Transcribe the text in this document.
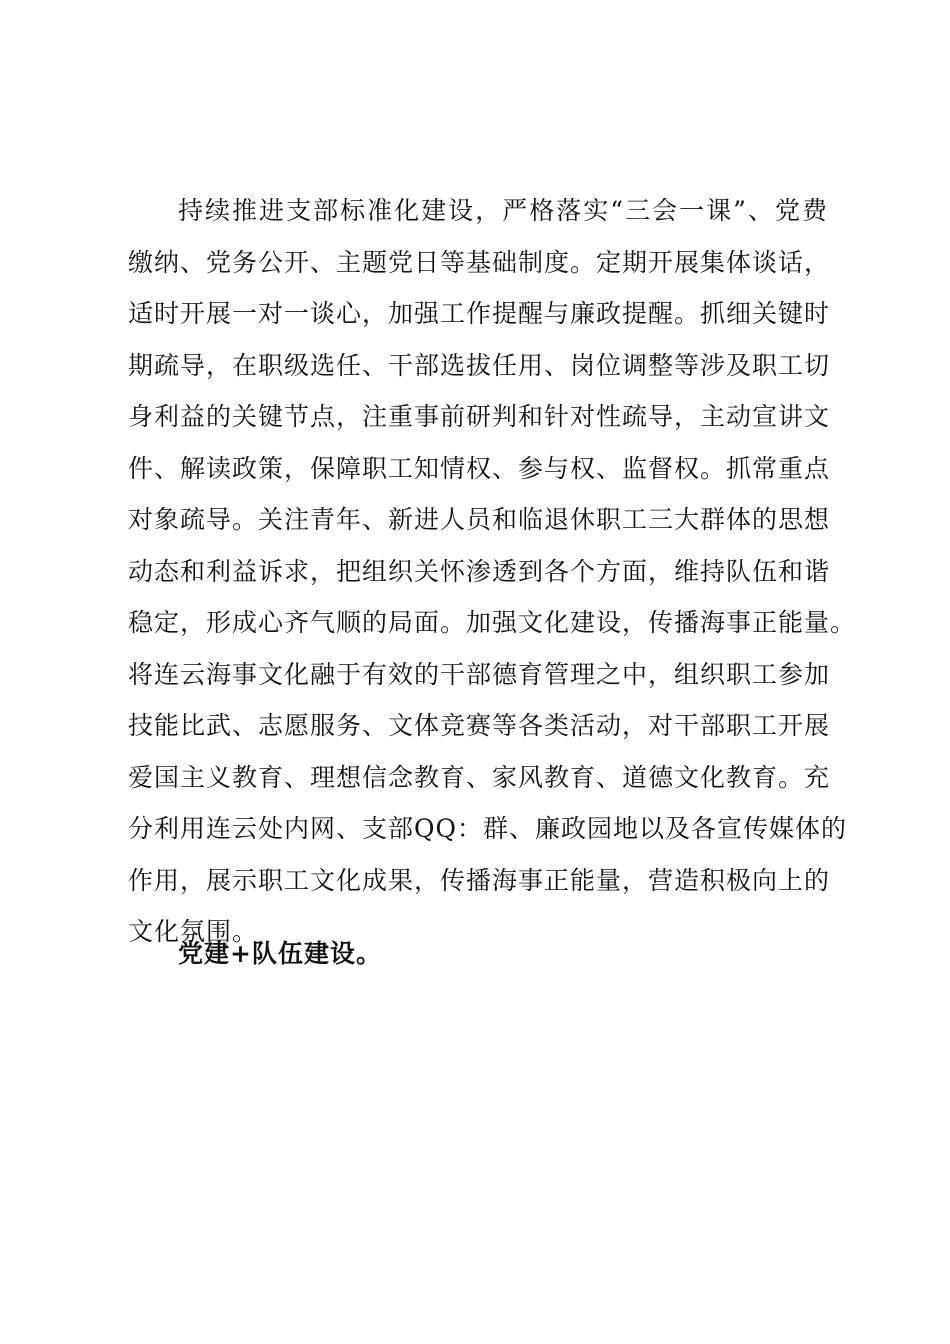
持续推进支部标准化建设，严格落实“三会一课”、党费
缴纳、党务公开、主题党日等基础制度。定期开展集体谈话，
适时开展一对一谈心，加强工作提醒与廉政提醒。抓细关键时
期疏导，在职级选任、干部选拔任用、岗位调整等涉及职工切
身利益的关键节点，注重事前研判和针对性疏导，主动宣讲文
件、解读政策，保障职工知情权、参与权、监督权。抓常重点
对象疏导。关注青年、新进人员和临退休职工三大群体的思想
动态和利益诉求，把组织关怀渗透到各个方面，维持队伍和谐
稳定，形成心齐气顺的局面。加强文化建设，传播海事正能量。
将连云海事文化融于有效的干部德育管理之中，组织职工参加
技能比武、志愿服务、文体竞赛等各类活动，对干部职工开展
爱国主义教育、理想信念教育、家风教育、道德文化教育。充
分利用连云处内网、支部QQ：群、廉政园地以及各宣传媒体的
作用，展示职工文化成果，传播海事正能量，营造积极向上的
文化氛围。
党建+队伍建设。
